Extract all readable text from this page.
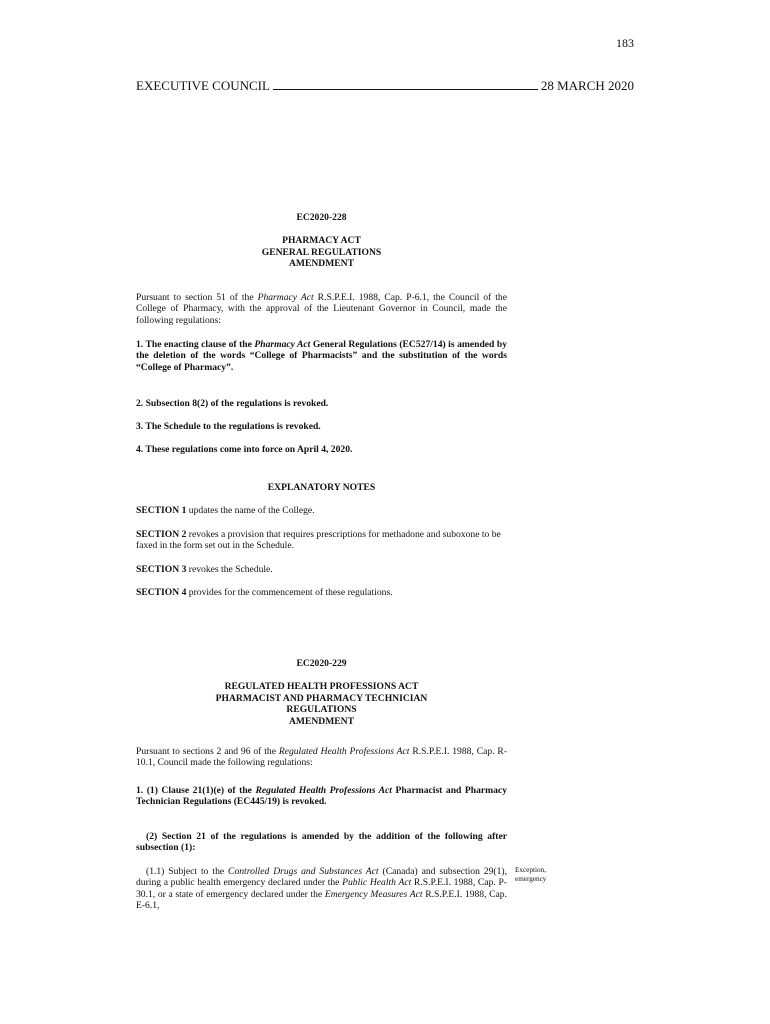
183
EXECUTIVE COUNCIL	28 MARCH 2020
EC2020-228
PHARMACY ACT
GENERAL REGULATIONS
AMENDMENT
Pursuant to section 51 of the Pharmacy Act R.S.P.E.I. 1988, Cap. P-6.1, the Council of the College of Pharmacy, with the approval of the Lieutenant Governor in Council, made the following regulations:
1. The enacting clause of the Pharmacy Act General Regulations (EC527/14) is amended by the deletion of the words “College of Pharmacists” and the substitution of the words “College of Pharmacy”.
2. Subsection 8(2) of the regulations is revoked.
3. The Schedule to the regulations is revoked.
4. These regulations come into force on April 4, 2020.
EXPLANATORY NOTES
SECTION 1 updates the name of the College.
SECTION 2 revokes a provision that requires prescriptions for methadone and suboxone to be faxed in the form set out in the Schedule.
SECTION 3 revokes the Schedule.
SECTION 4 provides for the commencement of these regulations.
EC2020-229
REGULATED HEALTH PROFESSIONS ACT
PHARMACIST AND PHARMACY TECHNICIAN
REGULATIONS
AMENDMENT
Pursuant to sections 2 and 96 of the Regulated Health Professions Act R.S.P.E.I. 1988, Cap. R-10.1, Council made the following regulations:
1. (1) Clause 21(1)(e) of the Regulated Health Professions Act Pharmacist and Pharmacy Technician Regulations (EC445/19) is revoked.
(2) Section 21 of the regulations is amended by the addition of the following after subsection (1):
(1.1) Subject to the Controlled Drugs and Substances Act (Canada) and subsection 29(1), during a public health emergency declared under the Public Health Act R.S.P.E.I. 1988, Cap. P-30.1, or a state of emergency declared under the Emergency Measures Act R.S.P.E.I. 1988, Cap. E-6.1,
Exception, emergency
